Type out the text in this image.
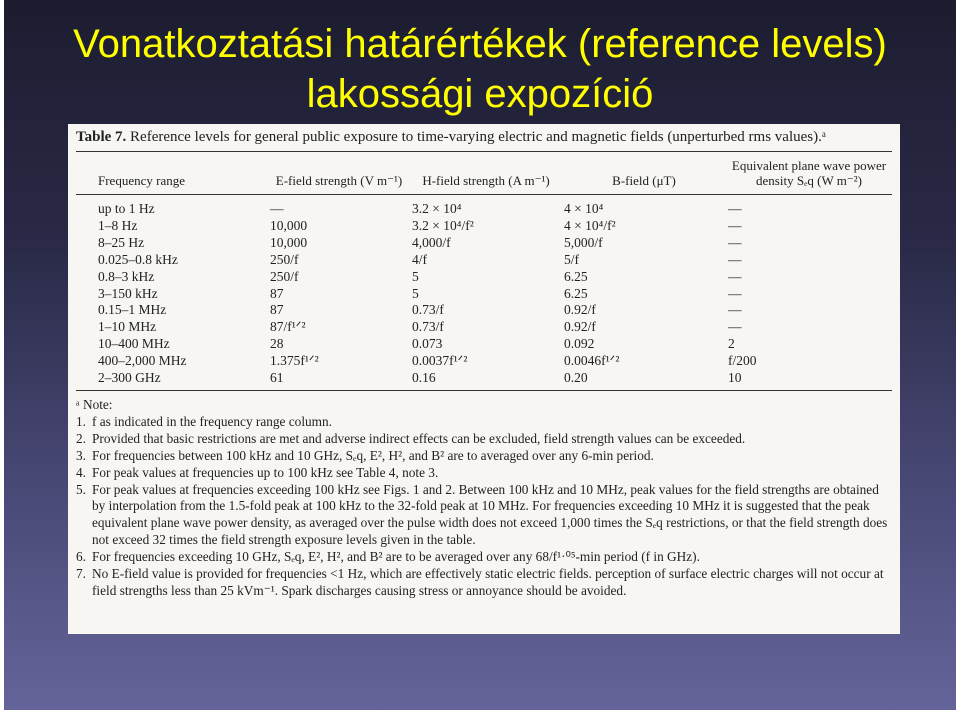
Vonatkoztatási határértékek (reference levels)
lakossági expozíció

Table 7. Reference levels for general public exposure to time-varying electric and magnetic fields (unperturbed rms values).ᵃ

Frequency range	E-field strength (V m⁻¹)	H-field strength (A m⁻¹)	B-field (μT)	Equivalent plane wave power density Sₑq (W m⁻²)
up to 1 Hz	—	3.2 × 10⁴	4 × 10⁴	—
1–8 Hz	10,000	3.2 × 10⁴/f²	4 × 10⁴/f²	—
8–25 Hz	10,000	4,000/f	5,000/f	—
0.025–0.8 kHz	250/f	4/f	5/f	—
0.8–3 kHz	250/f	5	6.25	—
3–150 kHz	87	5	6.25	—
0.15–1 MHz	87	0.73/f	0.92/f	—
1–10 MHz	87/f¹ᐟ²	0.73/f	0.92/f	—
10–400 MHz	28	0.073	0.092	2
400–2,000 MHz	1.375f¹ᐟ²	0.0037f¹ᐟ²	0.0046f¹ᐟ²	f/200
2–300 GHz	61	0.16	0.20	10

ᵃ Note:

1. f as indicated in the frequency range column.
2. Provided that basic restrictions are met and adverse indirect effects can be excluded, field strength values can be exceeded.
3. For frequencies between 100 kHz and 10 GHz, Sₑq, E², H², and B² are to averaged over any 6-min period.
4. For peak values at frequencies up to 100 kHz see Table 4, note 3.
5. For peak values at frequencies exceeding 100 kHz see Figs. 1 and 2. Between 100 kHz and 10 MHz, peak values for the field strengths are obtained by interpolation from the 1.5-fold peak at 100 kHz to the 32-fold peak at 10 MHz. For frequencies exceeding 10 MHz it is suggested that the peak equivalent plane wave power density, as averaged over the pulse width does not exceed 1,000 times the Sₑq restrictions, or that the field strength does not exceed 32 times the field strength exposure levels given in the table.
6. For frequencies exceeding 10 GHz, Sₑq, E², H², and B² are to be averaged over any 68/f¹·⁰⁵-min period (f in GHz).
7. No E-field value is provided for frequencies <1 Hz, which are effectively static electric fields. perception of surface electric charges will not occur at field strengths less than 25 kVm⁻¹. Spark discharges causing stress or annoyance should be avoided.
